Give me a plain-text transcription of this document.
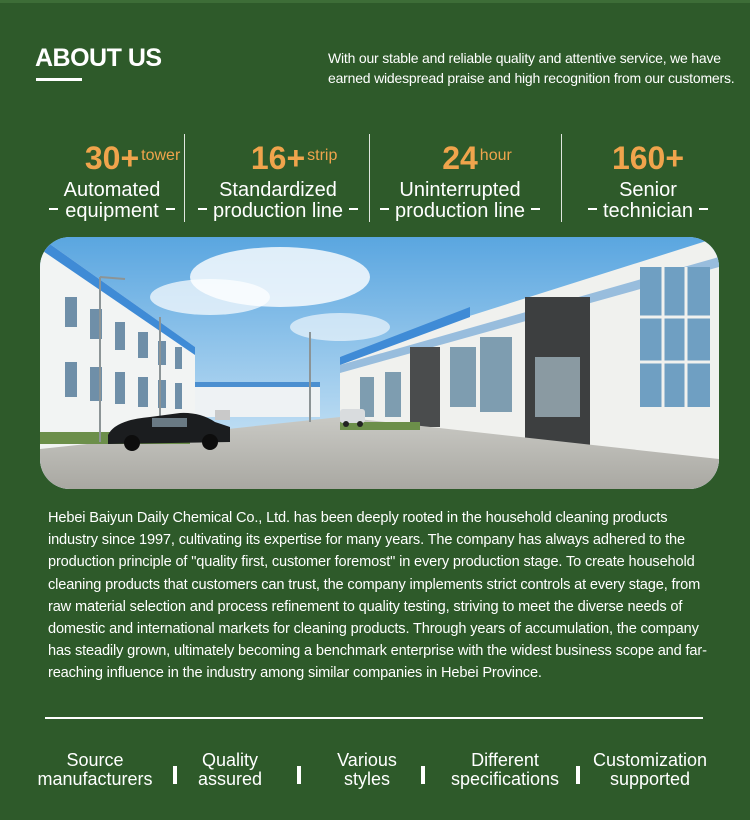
ABOUT US	With our stable and reliable quality and attentive service, we have earned widespread praise and high recognition from our customers.
30+ tower
Automated
equipment
16+ strip
Standardized
production line
24 hour
Uninterrupted
production line
160+
Senior
technician
Hebei Baiyun Daily Chemical Co., Ltd. has been deeply rooted in the household cleaning products industry since 1997, cultivating its expertise for many years. The company has always adhered to the production principle of "quality first, customer foremost" in every production stage. To create household cleaning products that customers can trust, the company implements strict controls at every stage, from raw material selection and process refinement to quality testing, striving to meet the diverse needs of domestic and international markets for cleaning products. Through years of accumulation, the company has steadily grown, ultimately becoming a benchmark enterprise with the widest business scope and far-reaching influence in the industry among similar companies in Hebei Province.
Source
manufacturers
Quality
assured
Various
styles
Different
specifications
Customization
supported
